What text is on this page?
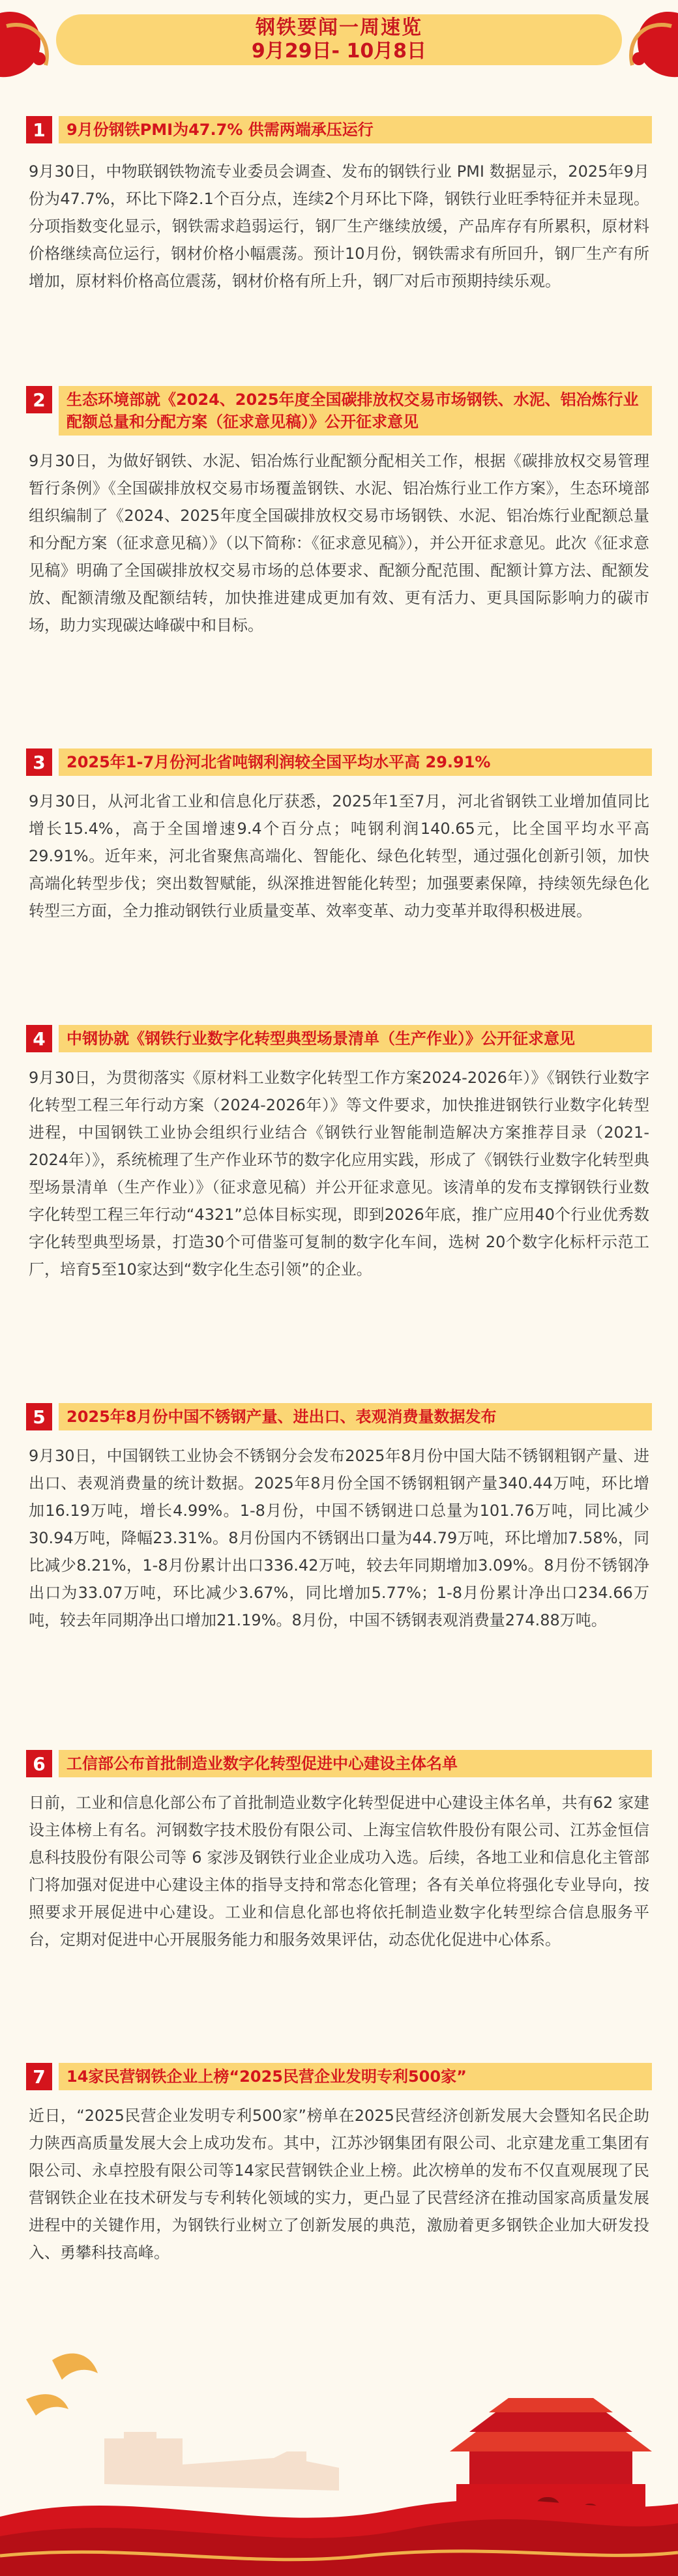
钢铁要闻一周速览
9月29日- 10月8日
1	9月份钢铁PMI为47.7% 供需两端承压运行

9月30日，中物联钢铁物流专业委员会调查、发布的钢铁行业 PMI 数据显示，2025年9月份为47.7%，环比下降2.1个百分点，连续2个月环比下降，钢铁行业旺季特征并未显现。分项指数变化显示，钢铁需求趋弱运行，钢厂生产继续放缓，产品库存有所累积，原材料价格继续高位运行，钢材价格小幅震荡。预计10月份，钢铁需求有所回升，钢厂生产有所增加，原材料价格高位震荡，钢材价格有所上升，钢厂对后市预期持续乐观。

2	生态环境部就《2024、2025年度全国碳排放权交易市场钢铁、水泥、铝冶炼行业配额总量和分配方案（征求意见稿）》公开征求意见

9月30日，为做好钢铁、水泥、铝冶炼行业配额分配相关工作，根据《碳排放权交易管理暂行条例》《全国碳排放权交易市场覆盖钢铁、水泥、铝冶炼行业工作方案》，生态环境部组织编制了《2024、2025年度全国碳排放权交易市场钢铁、水泥、铝冶炼行业配额总量和分配方案（征求意见稿）》（以下简称：《征求意见稿》），并公开征求意见。此次《征求意见稿》明确了全国碳排放权交易市场的总体要求、配额分配范围、配额计算方法、配额发放、配额清缴及配额结转，加快推进建成更加有效、更有活力、更具国际影响力的碳市场，助力实现碳达峰碳中和目标。

3	2025年1-7月份河北省吨钢利润较全国平均水平高 29.91%

9月30日，从河北省工业和信息化厅获悉，2025年1至7月，河北省钢铁工业增加值同比增长15.4%，高于全国增速9.4个百分点；吨钢利润140.65元，比全国平均水平高29.91%。近年来，河北省聚焦高端化、智能化、绿色化转型，通过强化创新引领，加快高端化转型步伐；突出数智赋能，纵深推进智能化转型；加强要素保障，持续领先绿色化转型三方面，全力推动钢铁行业质量变革、效率变革、动力变革并取得积极进展。

4	中钢协就《钢铁行业数字化转型典型场景清单（生产作业）》公开征求意见

9月30日，为贯彻落实《原材料工业数字化转型工作方案2024-2026年）》《钢铁行业数字化转型工程三年行动方案（2024-2026年）》等文件要求，加快推进钢铁行业数字化转型进程，中国钢铁工业协会组织行业结合《钢铁行业智能制造解决方案推荐目录（2021-2024年）》，系统梳理了生产作业环节的数字化应用实践，形成了《钢铁行业数字化转型典型场景清单（生产作业）》（征求意见稿）并公开征求意见。该清单的发布支撑钢铁行业数字化转型工程三年行动“4321”总体目标实现，即到2026年底，推广应用40个行业优秀数字化转型典型场景，打造30个可借鉴可复制的数字化车间，选树 20个数字化标杆示范工厂，培育5至10家达到“数字化生态引领”的企业。

5	2025年8月份中国不锈钢产量、进出口、表观消费量数据发布

9月30日，中国钢铁工业协会不锈钢分会发布2025年8月份中国大陆不锈钢粗钢产量、进出口、表观消费量的统计数据。2025年8月份全国不锈钢粗钢产量340.44万吨，环比增加16.19万吨，增长4.99%。1-8月份，中国不锈钢进口总量为101.76万吨，同比减少30.94万吨，降幅23.31%。8月份国内不锈钢出口量为44.79万吨，环比增加7.58%，同比减少8.21%，1-8月份累计出口336.42万吨，较去年同期增加3.09%。8月份不锈钢净出口为33.07万吨，环比减少3.67%，同比增加5.77%；1-8月份累计净出口234.66万吨，较去年同期净出口增加21.19%。8月份，中国不锈钢表观消费量274.88万吨。

6	工信部公布首批制造业数字化转型促进中心建设主体名单

日前，工业和信息化部公布了首批制造业数字化转型促进中心建设主体名单，共有62 家建设主体榜上有名。河钢数字技术股份有限公司、上海宝信软件股份有限公司、江苏金恒信息科技股份有限公司等 6 家涉及钢铁行业企业成功入选。后续，各地工业和信息化主管部门将加强对促进中心建设主体的指导支持和常态化管理；各有关单位将强化专业导向，按照要求开展促进中心建设。工业和信息化部也将依托制造业数字化转型综合信息服务平台，定期对促进中心开展服务能力和服务效果评估，动态优化促进中心体系。

7	14家民营钢铁企业上榜“2025民营企业发明专利500家”

近日，“2025民营企业发明专利500家”榜单在2025民营经济创新发展大会暨知名民企助力陕西高质量发展大会上成功发布。其中，江苏沙钢集团有限公司、北京建龙重工集团有限公司、永卓控股有限公司等14家民营钢铁企业上榜。此次榜单的发布不仅直观展现了民营钢铁企业在技术研发与专利转化领域的实力，更凸显了民营经济在推动国家高质量发展进程中的关键作用，为钢铁行业树立了创新发展的典范，激励着更多钢铁企业加大研发投入、勇攀科技高峰。
